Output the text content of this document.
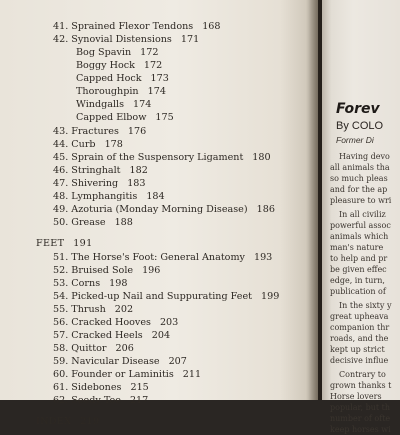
41. Sprained Flexor Tendons 168
42. Synovial Distensions 171
Bog Spavin 172
Boggy Hock 172
Capped Hock 173
Thoroughpin 174
Windgalls 174
Capped Elbow 175
43. Fractures 176
44. Curb 178
45. Sprain of the Suspensory Ligament 180
46. Stringhalt 182
47. Shivering 183
48. Lymphangitis 184
49. Azoturia (Monday Morning Disease) 186
50. Grease 188
FEET 191
51. The Horse's Foot: General Anatomy 193
52. Bruised Sole 196
53. Corns 198
54. Picked-up Nail and Suppurating Feet 199
55. Thrush 202
56. Cracked Hooves 203
57. Cracked Heels 204
58. Quittor 206
59. Navicular Disease 207
60. Founder or Laminitis 211
61. Sidebones 215
62. Seedy Toe 217
INDEX 219
Forev
By COLO
Former Di
Having devo
all animals tha
so much pleas
and for the ap
pleasure to wri
In all civiliz
powerful assoc
animals which
man's nature
to help and pr
be given effec
edge, in turn,
publication of
In the sixty y
great upheava
companion thr
roads, and the
kept up strict
decisive influe
Contrary to
grown thanks t
Horse lovers
popular, but th
number of ofte
keep horses wi
